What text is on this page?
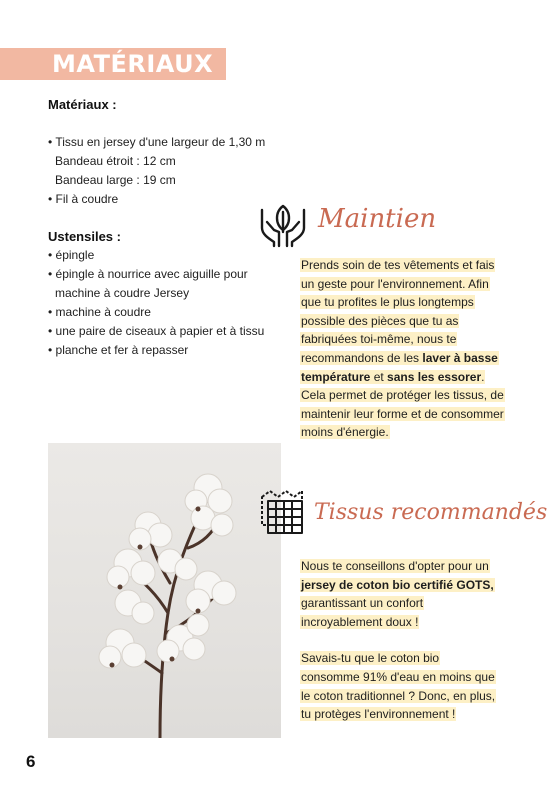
MATÉRIAUX
Matériaux :
• Tissu en jersey d'une largeur de 1,30 m
Bandeau étroit : 12 cm
Bandeau large : 19 cm
• Fil à coudre
Ustensiles :
• épingle
• épingle à nourrice avec aiguille pour
machine à coudre Jersey
• machine à coudre
• une paire de ciseaux à papier et à tissu
• planche et fer à repasser
Maintien

Prends soin de tes vêtements et fais un geste pour l'environnement. Afin que tu profites le plus longtemps possible des pièces que tu as fabriquées toi-même, nous te recommandons de les laver à basse température et sans les essorer. Cela permet de protéger les tissus, de maintenir leur forme et de consommer moins d'énergie.

Tissus recommandés

Nous te conseillons d'opter pour un jersey de coton bio certifié GOTS, garantissant un confort incroyablement doux !

Savais-tu que le coton bio consomme 91% d'eau en moins que le coton traditionnel ? Donc, en plus, tu protèges l'environnement !

6
